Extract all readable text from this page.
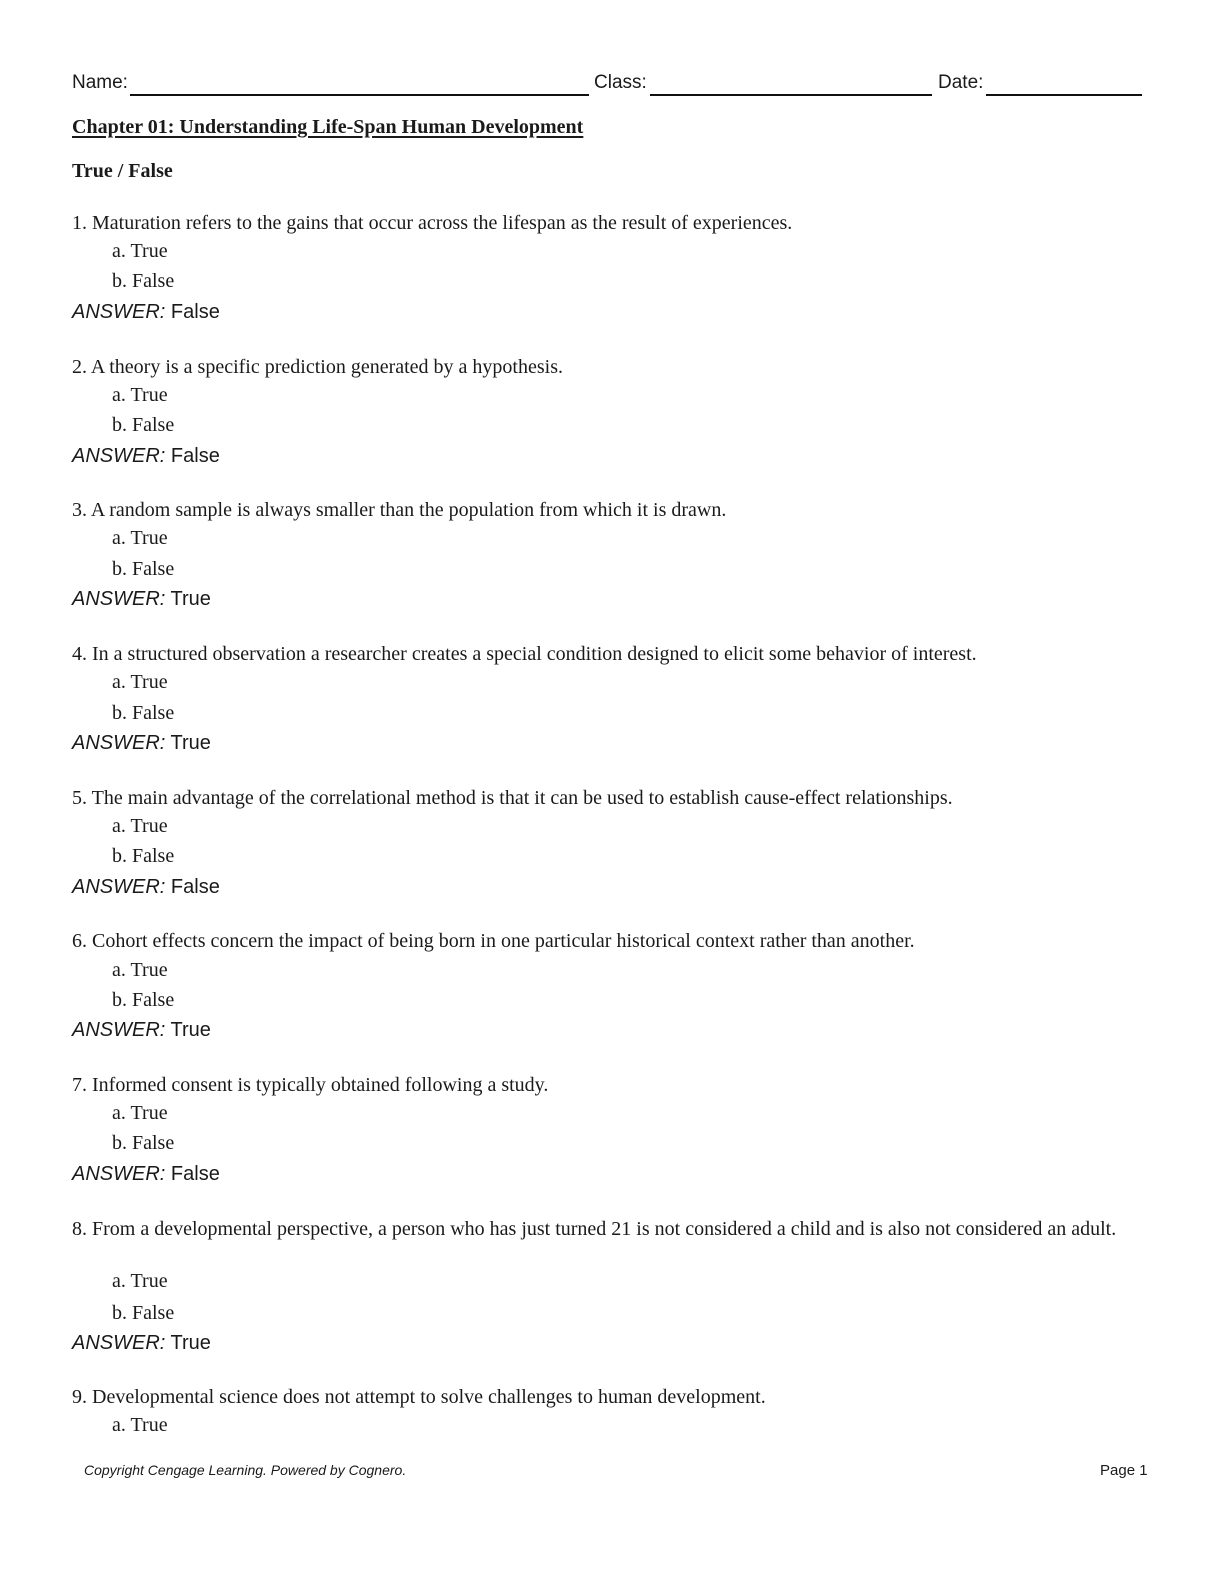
Name:	Class:	Date:
Chapter 01: Understanding Life-Span Human Development
True / False
1. Maturation refers to the gains that occur across the lifespan as the result of experiences.
a. True
b. False
ANSWER: False
2. A theory is a specific prediction generated by a hypothesis.
a. True
b. False
ANSWER: False
3. A random sample is always smaller than the population from which it is drawn.
a. True
b. False
ANSWER: True
4. In a structured observation a researcher creates a special condition designed to elicit some behavior of interest.
a. True
b. False
ANSWER: True
5. The main advantage of the correlational method is that it can be used to establish cause-effect relationships.
a. True
b. False
ANSWER: False
6. Cohort effects concern the impact of being born in one particular historical context rather than another.
a. True
b. False
ANSWER: True
7. Informed consent is typically obtained following a study.
a. True
b. False
ANSWER: False
8. From a developmental perspective, a person who has just turned 21 is not considered a child and is also not considered an adult.
a. True
b. False
ANSWER: True
9. Developmental science does not attempt to solve challenges to human development.
a. True
Copyright Cengage Learning. Powered by Cognero.	Page 1
